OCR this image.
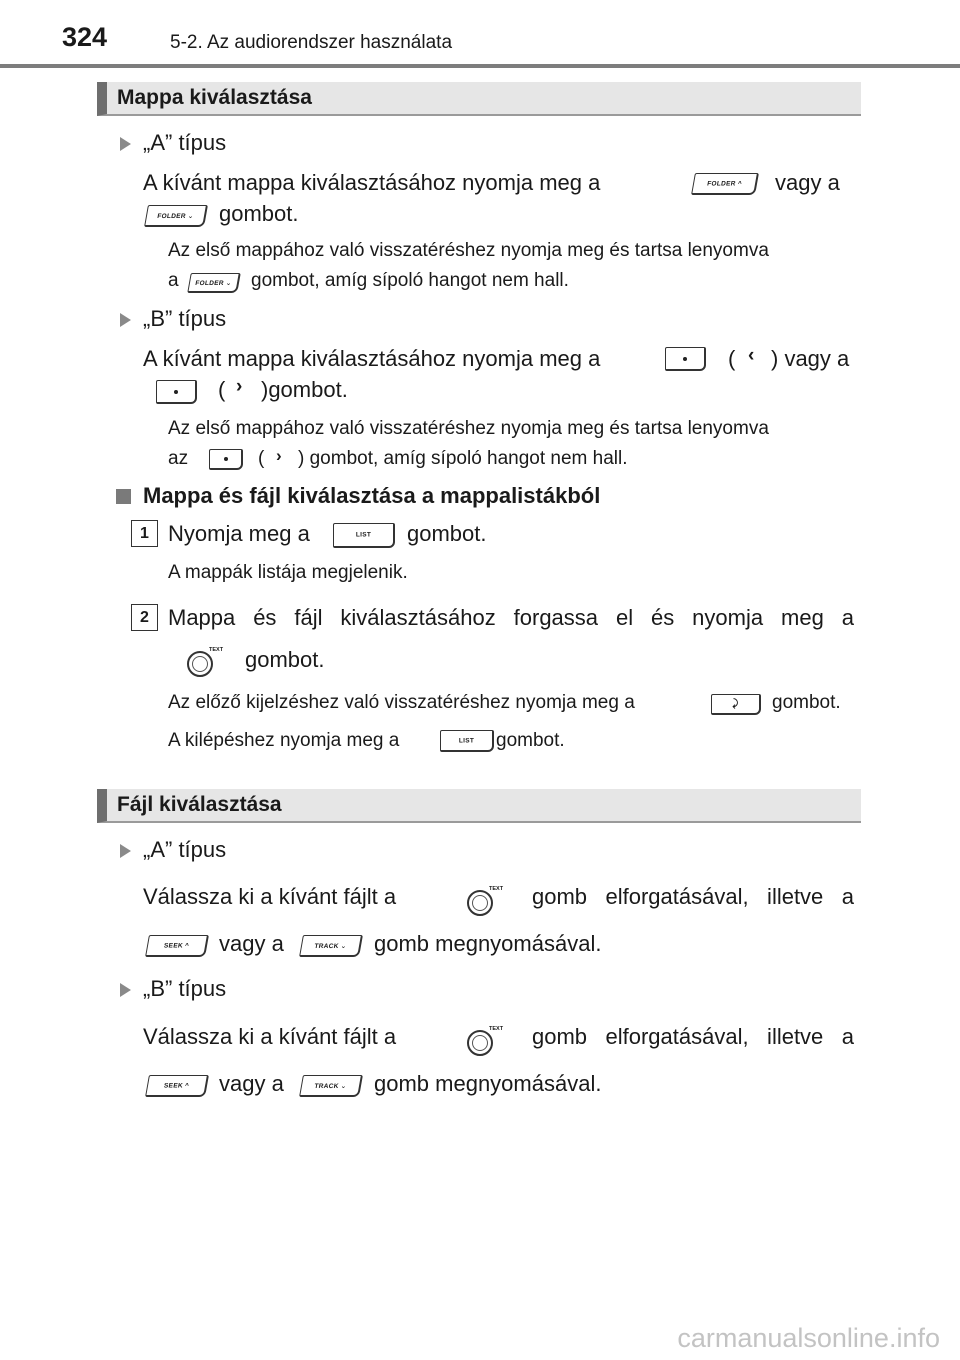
324	5-2. Az audiorendszer használata
Mappa kiválasztása
„A” típus
A kívánt mappa kiválasztásához nyomja meg a	FOLDER ^	vagy a
FOLDER ⌄	gombot.
Az első mappához való visszatéréshez nyomja meg és tartsa lenyomva
a	FOLDER ⌄ gombot, amíg sípoló hangot nem hall.
„B” típus
A kívánt mappa kiválasztásához nyomja meg a	( ‹ ) vagy a
( › )gombot.
Az első mappához való visszatéréshez nyomja meg és tartsa lenyomva
az	( › ) gombot, amíg sípoló hangot nem hall.
Mappa és fájl kiválasztása a mappalistákból
1 Nyomja meg a	LIST	gombot.
A mappák listája megjelenik.
2 Mappa és fájl kiválasztásához forgassa el és nyomja meg a
TEXT gombot.
Az előző kijelzéshez való visszatéréshez nyomja meg a	⤸	gombot.
A kilépéshez nyomja meg a	LIST	gombot.
Fájl kiválasztása
„A” típus
Válassza ki a kívánt fájlt a	TEXT gomb elforgatásával, illetve a
SEEK ^	vagy a	TRACK ⌄	gomb megnyomásával.
„B” típus
Válassza ki a kívánt fájlt a	TEXT gomb elforgatásával, illetve a
SEEK ^	vagy a	TRACK ⌄	gomb megnyomásával.
carmanualsonline.info
